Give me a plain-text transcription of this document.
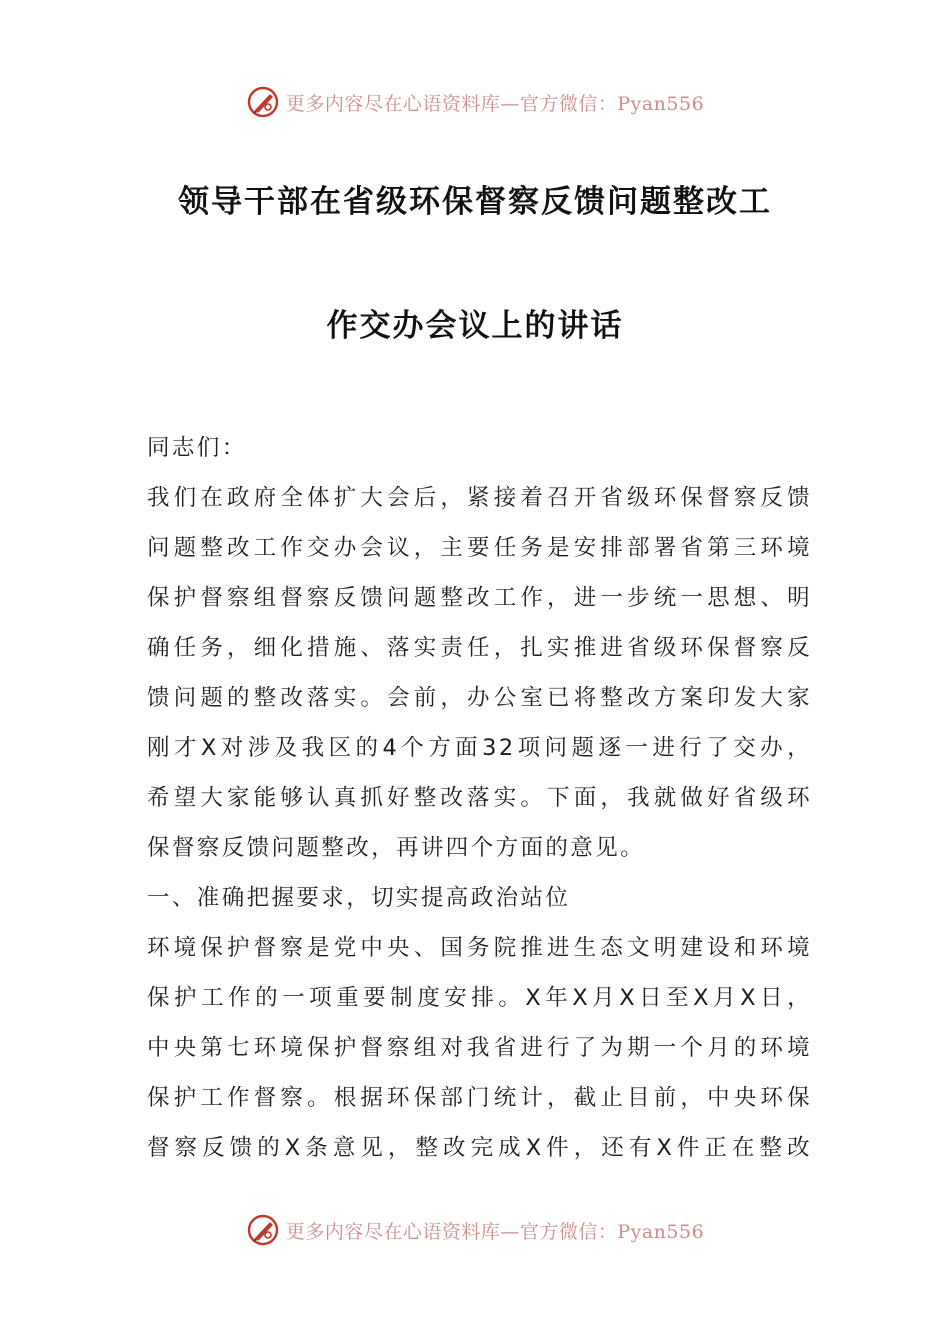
更多内容尽在心语资料库—官方微信：Pyan556
领导干部在省级环保督察反馈问题整改工
作交办会议上的讲话
同志们：
我们在政府全体扩大会后，紧接着召开省级环保督察反馈
问题整改工作交办会议，主要任务是安排部署省第三环境
保护督察组督察反馈问题整改工作，进一步统一思想、明
确任务，细化措施、落实责任，扎实推进省级环保督察反
馈问题的整改落实。会前，办公室已将整改方案印发大家
刚才X对涉及我区的4个方面32项问题逐一进行了交办，
希望大家能够认真抓好整改落实。下面，我就做好省级环
保督察反馈问题整改，再讲四个方面的意见。
一、准确把握要求，切实提高政治站位
环境保护督察是党中央、国务院推进生态文明建设和环境
保护工作的一项重要制度安排。X年X月X日至X月X日，
中央第七环境保护督察组对我省进行了为期一个月的环境
保护工作督察。根据环保部门统计，截止目前，中央环保
督察反馈的X条意见，整改完成X件，还有X件正在整改
更多内容尽在心语资料库—官方微信：Pyan556
